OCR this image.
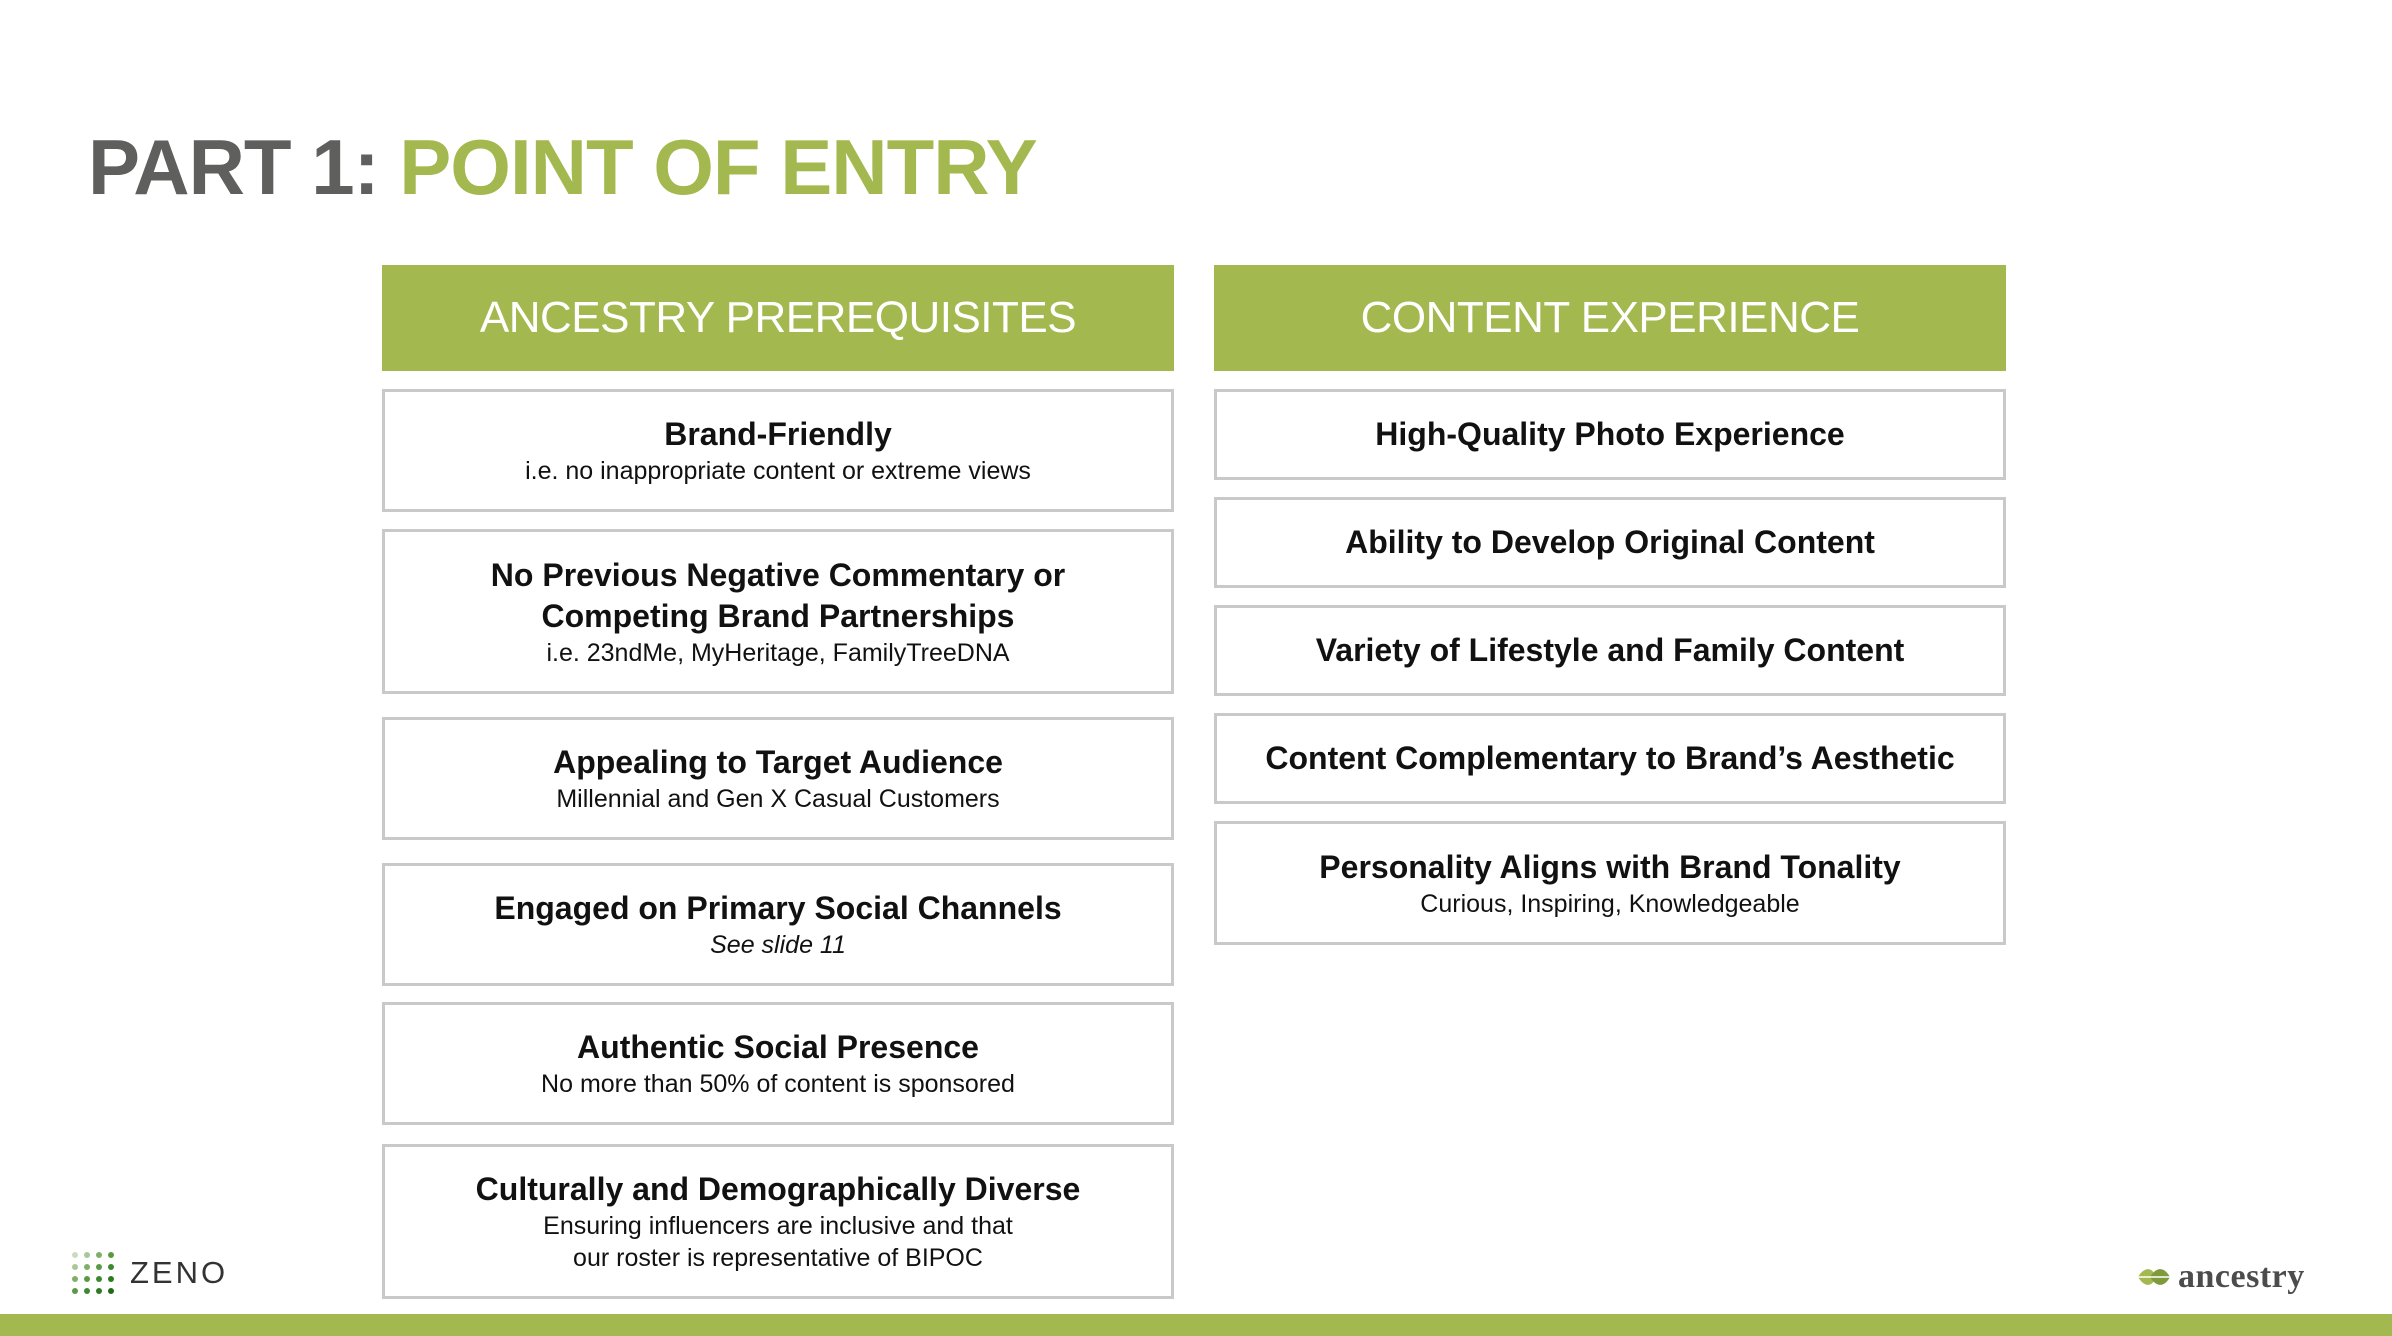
PART 1: POINT OF ENTRY
ANCESTRY PREREQUISITES
Brand-Friendly
i.e. no inappropriate content or extreme views
No Previous Negative Commentary or Competing Brand Partnerships
i.e. 23ndMe, MyHeritage, FamilyTreeDNA
Appealing to Target Audience
Millennial and Gen X Casual Customers
Engaged on Primary Social Channels
See slide 11
Authentic Social Presence
No more than 50% of content is sponsored
Culturally and Demographically Diverse
Ensuring influencers are inclusive and that our roster is representative of BIPOC
CONTENT EXPERIENCE
High-Quality Photo Experience
Ability to Develop Original Content
Variety of Lifestyle and Family Content
Content Complementary to Brand’s Aesthetic
Personality Aligns with Brand Tonality
Curious, Inspiring, Knowledgeable
ZENO	ancestry
